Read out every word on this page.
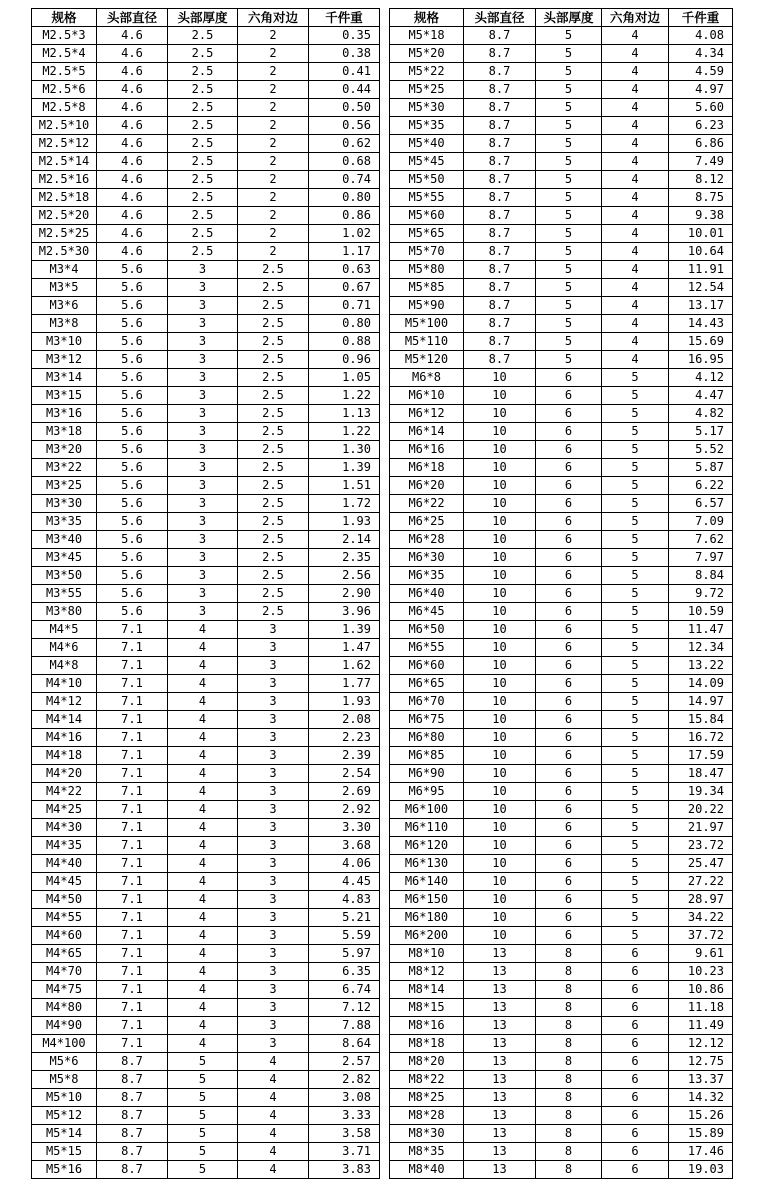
规格	头部直径	头部厚度	六角对边	千件重
M2.5*3	4.6	2.5	2	0.35
M2.5*4	4.6	2.5	2	0.38
M2.5*5	4.6	2.5	2	0.41
M2.5*6	4.6	2.5	2	0.44
M2.5*8	4.6	2.5	2	0.50
M2.5*10	4.6	2.5	2	0.56
M2.5*12	4.6	2.5	2	0.62
M2.5*14	4.6	2.5	2	0.68
M2.5*16	4.6	2.5	2	0.74
M2.5*18	4.6	2.5	2	0.80
M2.5*20	4.6	2.5	2	0.86
M2.5*25	4.6	2.5	2	1.02
M2.5*30	4.6	2.5	2	1.17
M3*4	5.6	3	2.5	0.63
M3*5	5.6	3	2.5	0.67
M3*6	5.6	3	2.5	0.71
M3*8	5.6	3	2.5	0.80
M3*10	5.6	3	2.5	0.88
M3*12	5.6	3	2.5	0.96
M3*14	5.6	3	2.5	1.05
M3*15	5.6	3	2.5	1.22
M3*16	5.6	3	2.5	1.13
M3*18	5.6	3	2.5	1.22
M3*20	5.6	3	2.5	1.30
M3*22	5.6	3	2.5	1.39
M3*25	5.6	3	2.5	1.51
M3*30	5.6	3	2.5	1.72
M3*35	5.6	3	2.5	1.93
M3*40	5.6	3	2.5	2.14
M3*45	5.6	3	2.5	2.35
M3*50	5.6	3	2.5	2.56
M3*55	5.6	3	2.5	2.90
M3*80	5.6	3	2.5	3.96
M4*5	7.1	4	3	1.39
M4*6	7.1	4	3	1.47
M4*8	7.1	4	3	1.62
M4*10	7.1	4	3	1.77
M4*12	7.1	4	3	1.93
M4*14	7.1	4	3	2.08
M4*16	7.1	4	3	2.23
M4*18	7.1	4	3	2.39
M4*20	7.1	4	3	2.54
M4*22	7.1	4	3	2.69
M4*25	7.1	4	3	2.92
M4*30	7.1	4	3	3.30
M4*35	7.1	4	3	3.68
M4*40	7.1	4	3	4.06
M4*45	7.1	4	3	4.45
M4*50	7.1	4	3	4.83
M4*55	7.1	4	3	5.21
M4*60	7.1	4	3	5.59
M4*65	7.1	4	3	5.97
M4*70	7.1	4	3	6.35
M4*75	7.1	4	3	6.74
M4*80	7.1	4	3	7.12
M4*90	7.1	4	3	7.88
M4*100	7.1	4	3	8.64
M5*6	8.7	5	4	2.57
M5*8	8.7	5	4	2.82
M5*10	8.7	5	4	3.08
M5*12	8.7	5	4	3.33
M5*14	8.7	5	4	3.58
M5*15	8.7	5	4	3.71
M5*16	8.7	5	4	3.83
规格	头部直径	头部厚度	六角对边	千件重
M5*18	8.7	5	4	4.08
M5*20	8.7	5	4	4.34
M5*22	8.7	5	4	4.59
M5*25	8.7	5	4	4.97
M5*30	8.7	5	4	5.60
M5*35	8.7	5	4	6.23
M5*40	8.7	5	4	6.86
M5*45	8.7	5	4	7.49
M5*50	8.7	5	4	8.12
M5*55	8.7	5	4	8.75
M5*60	8.7	5	4	9.38
M5*65	8.7	5	4	10.01
M5*70	8.7	5	4	10.64
M5*80	8.7	5	4	11.91
M5*85	8.7	5	4	12.54
M5*90	8.7	5	4	13.17
M5*100	8.7	5	4	14.43
M5*110	8.7	5	4	15.69
M5*120	8.7	5	4	16.95
M6*8	10	6	5	4.12
M6*10	10	6	5	4.47
M6*12	10	6	5	4.82
M6*14	10	6	5	5.17
M6*16	10	6	5	5.52
M6*18	10	6	5	5.87
M6*20	10	6	5	6.22
M6*22	10	6	5	6.57
M6*25	10	6	5	7.09
M6*28	10	6	5	7.62
M6*30	10	6	5	7.97
M6*35	10	6	5	8.84
M6*40	10	6	5	9.72
M6*45	10	6	5	10.59
M6*50	10	6	5	11.47
M6*55	10	6	5	12.34
M6*60	10	6	5	13.22
M6*65	10	6	5	14.09
M6*70	10	6	5	14.97
M6*75	10	6	5	15.84
M6*80	10	6	5	16.72
M6*85	10	6	5	17.59
M6*90	10	6	5	18.47
M6*95	10	6	5	19.34
M6*100	10	6	5	20.22
M6*110	10	6	5	21.97
M6*120	10	6	5	23.72
M6*130	10	6	5	25.47
M6*140	10	6	5	27.22
M6*150	10	6	5	28.97
M6*180	10	6	5	34.22
M6*200	10	6	5	37.72
M8*10	13	8	6	9.61
M8*12	13	8	6	10.23
M8*14	13	8	6	10.86
M8*15	13	8	6	11.18
M8*16	13	8	6	11.49
M8*18	13	8	6	12.12
M8*20	13	8	6	12.75
M8*22	13	8	6	13.37
M8*25	13	8	6	14.32
M8*28	13	8	6	15.26
M8*30	13	8	6	15.89
M8*35	13	8	6	17.46
M8*40	13	8	6	19.03
